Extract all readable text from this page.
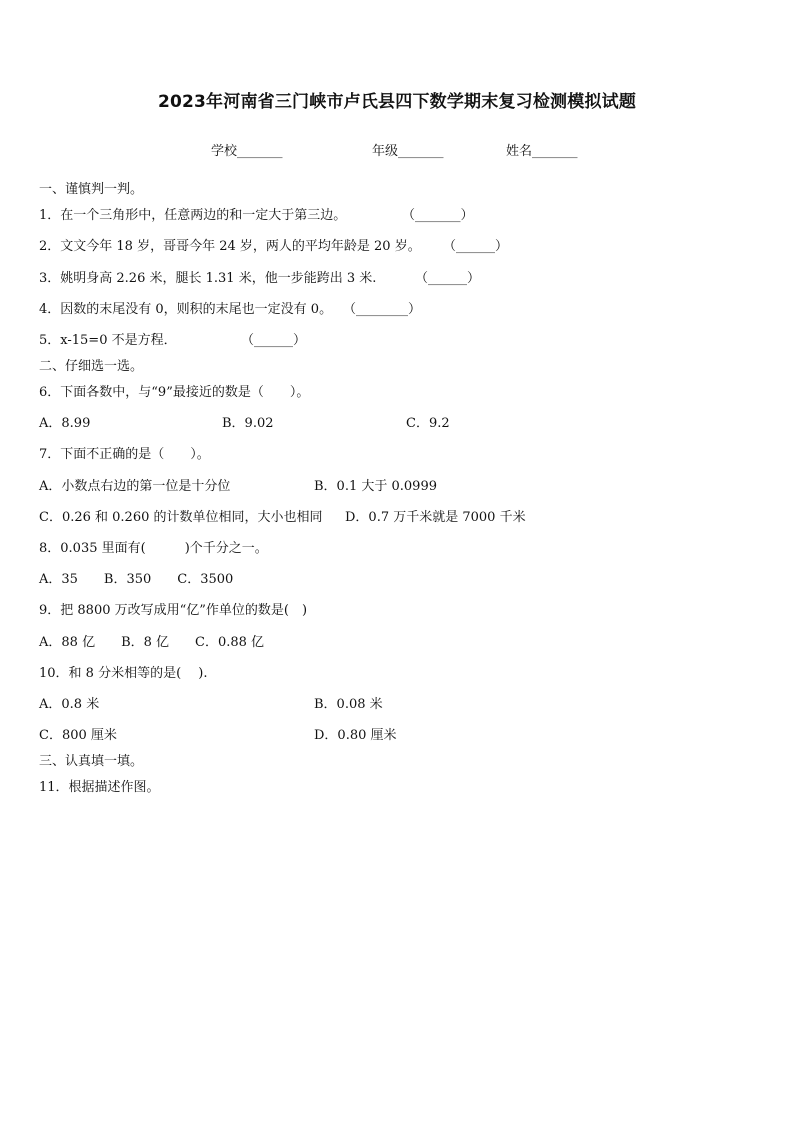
2023年河南省三门峡市卢氏县四下数学期末复习检测模拟试题
学校_______	年级_______	姓名_______
一、谨慎判一判。
1．在一个三角形中，任意两边的和一定大于第三边。	（_______）
2．文文今年 18 岁，哥哥今年 24 岁，两人的平均年龄是 20 岁。 （______）
3．姚明身高 2.26 米，腿长 1.31 米，他一步能跨出 3 米.	（______）
4．因数的末尾没有 0，则积的末尾也一定没有 0。 （________）
5．x-15=0 不是方程．	（______）
二、仔细选一选。
6．下面各数中，与“9”最接近的数是（　　）。
A．8.99	B．9.02	C．9.2
7．下面不正确的是（　　）。
A．小数点右边的第一位是十分位	B．0.1 大于 0.0999
C．0.26 和 0.260 的计数单位相同，大小也相同 D．0.7 万千米就是 7000 千米
8．0.035 里面有(　　　)个千分之一。
A．35　　B．350　　C．3500
9．把 8800 万改写成用“亿”作单位的数是(　)
A．88 亿　　B．8 亿　　C．0.88 亿
10．和 8 分米相等的是(　 ).
A．0.8 米	B．0.08 米
C．800 厘米	D．0.80 厘米
三、认真填一填。
11．根据描述作图。
